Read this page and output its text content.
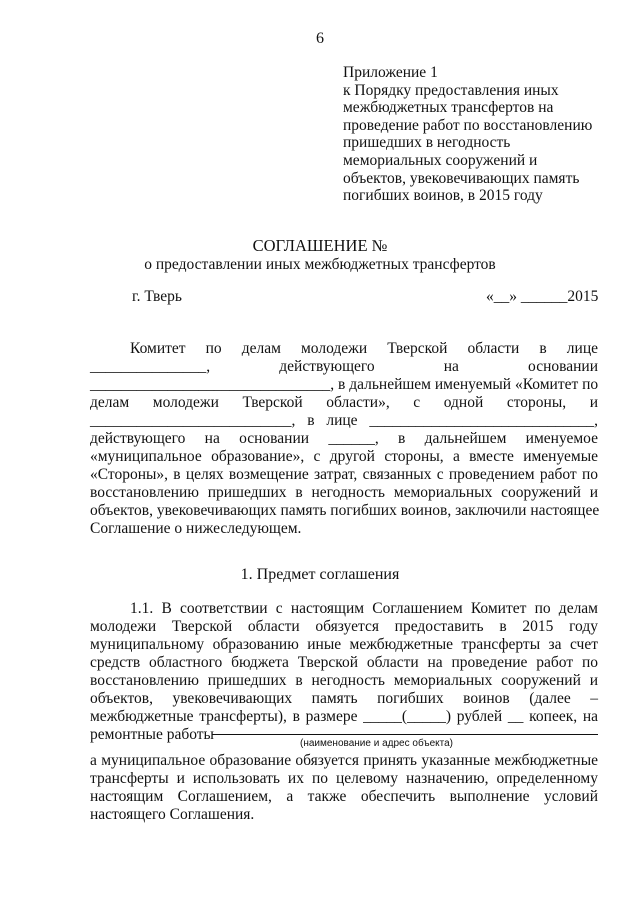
6
Приложение 1
к Порядку предоставления иных
межбюджетных трансфертов на
проведение работ по восстановлению
пришедших в негодность
мемориальных сооружений и
объектов, увековечивающих память
погибших воинов, в 2015 году
СОГЛАШЕНИЕ №
о предоставлении иных межбюджетных трансфертов
г. Тверь	«__» ______2015
Комитет по делам молодежи Тверской области в лице
_______________, действующего на основании
_______________________________, в дальнейшем именуемый «Комитет по
делам молодежи Тверской области», с одной стороны, и
__________________________, в лице _____________________________,
действующего на основании ______, в дальнейшем именуемое
«муниципальное образование», с другой стороны, а вместе именуемые
«Стороны», в целях возмещение затрат, связанных с проведением работ по
восстановлению пришедших в негодность мемориальных сооружений и
объектов, увековечивающих память погибших воинов, заключили настоящее
Соглашение о нижеследующем.
1. Предмет соглашения
1.1. В соответствии с настоящим Соглашением Комитет по делам
молодежи Тверской области обязуется предоставить в 2015 году
муниципальному образованию иные межбюджетные трансферты за счет
средств областного бюджета Тверской области на проведение работ по
восстановлению пришедших в негодность мемориальных сооружений и
объектов, увековечивающих память погибших воинов (далее –
межбюджетные трансферты), в размере _____(_____) рублей __ копеек, на
ремонтные работы
(наименование и адрес объекта)
а муниципальное образование обязуется принять указанные межбюджетные
трансферты и использовать их по целевому назначению, определенному
настоящим Соглашением, а также обеспечить выполнение условий
настоящего Соглашения.
